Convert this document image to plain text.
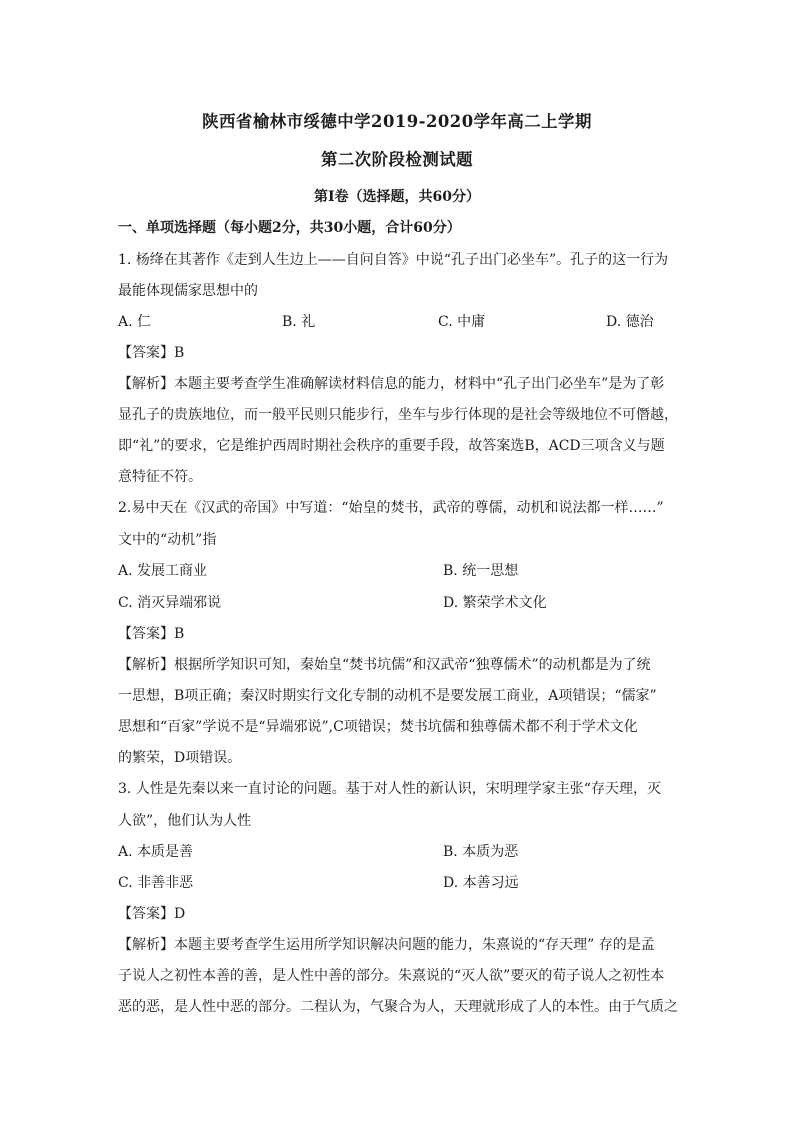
陕西省榆林市绥德中学2019-2020学年高二上学期
第二次阶段检测试题
第Ⅰ卷（选择题，共60分）
一、单项选择题（每小题2分，共30小题，合计60分）
1. 杨绛在其著作《走到人生边上——自问自答》中说“孔子出门必坐车”。孔子的这一行为
最能体现儒家思想中的
A. 仁	B. 礼	C. 中庸	D. 德治
【答案】B
【解析】本题主要考查学生准确解读材料信息的能力，材料中“孔子出门必坐车”是为了彰
显孔子的贵族地位，而一般平民则只能步行，坐车与步行体现的是社会等级地位不可僭越，
即“礼”的要求，它是维护西周时期社会秩序的重要手段，故答案选B，ACD三项含义与题
意特征不符。
2.易中天在《汉武的帝国》中写道：“始皇的焚书，武帝的尊儒，动机和说法都一样……”
文中的“动机”指
A. 发展工商业	B. 统一思想
C. 消灭异端邪说	D. 繁荣学术文化
【答案】B
【解析】根据所学知识可知，秦始皇“焚书坑儒”和汉武帝“独尊儒术”的动机都是为了统
一思想，B项正确；秦汉时期实行文化专制的动机不是要发展工商业，A项错误；“儒家”
思想和“百家”学说不是“异端邪说”,C项错误；焚书坑儒和独尊儒术都不利于学术文化
的繁荣，D项错误。
3. 人性是先秦以来一直讨论的问题。基于对人性的新认识，宋明理学家主张“存天理，灭
人欲”，他们认为人性
A. 本质是善	B. 本质为恶
C. 非善非恶	D. 本善习远
【答案】D
【解析】本题主要考查学生运用所学知识解决问题的能力，朱熹说的“存天理” 存的是孟
子说人之初性本善的善，是人性中善的部分。朱熹说的“灭人欲”要灭的荀子说人之初性本
恶的恶，是人性中恶的部分。二程认为，气聚合为人，天理就形成了人的本性。由于气质之
